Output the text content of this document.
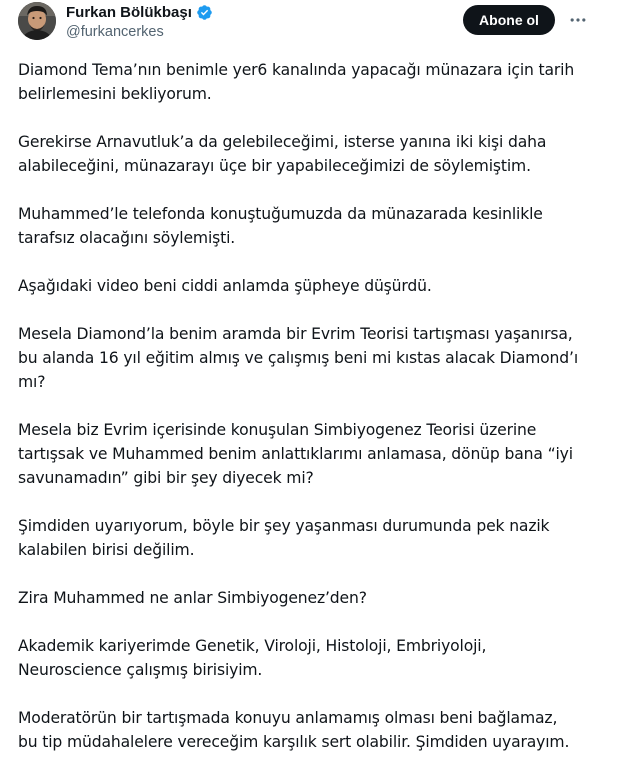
Furkan Bölükbaşı
@furkancerkes
Abone ol

Diamond Tema’nın benimle yer6 kanalında yapacağı münazara için tarih
belirlemesini bekliyorum.

Gerekirse Arnavutluk’a da gelebileceğimi, isterse yanına iki kişi daha
alabileceğini, münazarayı üçe bir yapabileceğimizi de söylemiştim.

Muhammed’le telefonda konuştuğumuzda da münazarada kesinlikle
tarafsız olacağını söylemişti.

Aşağıdaki video beni ciddi anlamda şüpheye düşürdü.

Mesela Diamond’la benim aramda bir Evrim Teorisi tartışması yaşanırsa,
bu alanda 16 yıl eğitim almış ve çalışmış beni mi kıstas alacak Diamond’ı
mı?

Mesela biz Evrim içerisinde konuşulan Simbiyogenez Teorisi üzerine
tartışsak ve Muhammed benim anlattıklarımı anlamasa, dönüp bana “iyi
savunamadın” gibi bir şey diyecek mi?

Şimdiden uyarıyorum, böyle bir şey yaşanması durumunda pek nazik
kalabilen birisi değilim.

Zira Muhammed ne anlar Simbiyogenez’den?

Akademik kariyerimde Genetik, Viroloji, Histoloji, Embriyoloji,
Neuroscience çalışmış birisiyim.

Moderatörün bir tartışmada konuyu anlamamış olması beni bağlamaz,
bu tip müdahalelere vereceğim karşılık sert olabilir. Şimdiden uyarayım.
